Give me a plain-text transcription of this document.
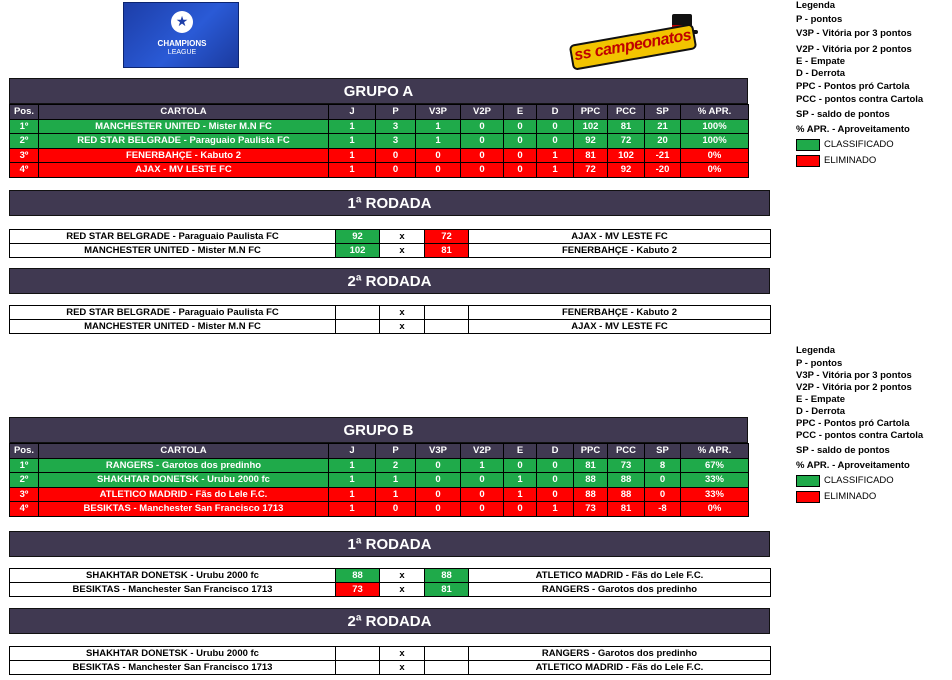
★
CHAMPIONS
LEAGUE	ss campeonatos
Legenda
P - pontos
V3P - Vitória por 3 pontos
V2P - Vitória por 2 pontos
E - Empate
D - Derrota
PPC - Pontos pró Cartola
PCC - pontos contra Cartola
SP - saldo de pontos
% APR. - Aproveitamento
CLASSIFICADO
ELIMINADO
Legenda
P - pontos
V3P - Vitória por 3 pontos
V2P - Vitória por 2 pontos
E - Empate
D - Derrota
PPC - Pontos pró Cartola
PCC - pontos contra Cartola
SP - saldo de pontos
% APR. - Aproveitamento
CLASSIFICADO
ELIMINADO
GRUPO A
Pos.	CARTOLA	J	P	V3P	V2P	E	D	PPC	PCC	SP	% APR.
1º	MANCHESTER UNITED - Mister M.N FC	1	3	1	0	0	0	102	81	21	100%
2º	RED STAR BELGRADE - Paraguaio Paulista FC	1	3	1	0	0	0	92	72	20	100%
3º	FENERBAHÇE - Kabuto 2	1	0	0	0	0	1	81	102	-21	0%
4º	AJAX - MV LESTE FC	1	0	0	0	0	1	72	92	-20	0%
1ª RODADA
RED STAR BELGRADE - Paraguaio Paulista FC	92	x	72	AJAX - MV LESTE FC
MANCHESTER UNITED - Mister M.N FC	102	x	81	FENERBAHÇE - Kabuto 2
2ª RODADA
RED STAR BELGRADE - Paraguaio Paulista FC		x		FENERBAHÇE - Kabuto 2
MANCHESTER UNITED - Mister M.N FC		x		AJAX - MV LESTE FC
GRUPO B
Pos.	CARTOLA	J	P	V3P	V2P	E	D	PPC	PCC	SP	% APR.
1º	RANGERS - Garotos dos predinho	1	2	0	1	0	0	81	73	8	67%
2º	SHAKHTAR DONETSK - Urubu 2000 fc	1	1	0	0	1	0	88	88	0	33%
3º	ATLETICO MADRID - Fãs do Lele F.C.	1	1	0	0	1	0	88	88	0	33%
4º	BESIKTAS - Manchester San Francisco 1713	1	0	0	0	0	1	73	81	-8	0%
1ª RODADA
SHAKHTAR DONETSK - Urubu 2000 fc	88	x	88	ATLETICO MADRID - Fãs do Lele F.C.
BESIKTAS - Manchester San Francisco 1713	73	x	81	RANGERS - Garotos dos predinho
2ª RODADA
SHAKHTAR DONETSK - Urubu 2000 fc		x		RANGERS - Garotos dos predinho
BESIKTAS - Manchester San Francisco 1713		x		ATLETICO MADRID - Fãs do Lele F.C.
